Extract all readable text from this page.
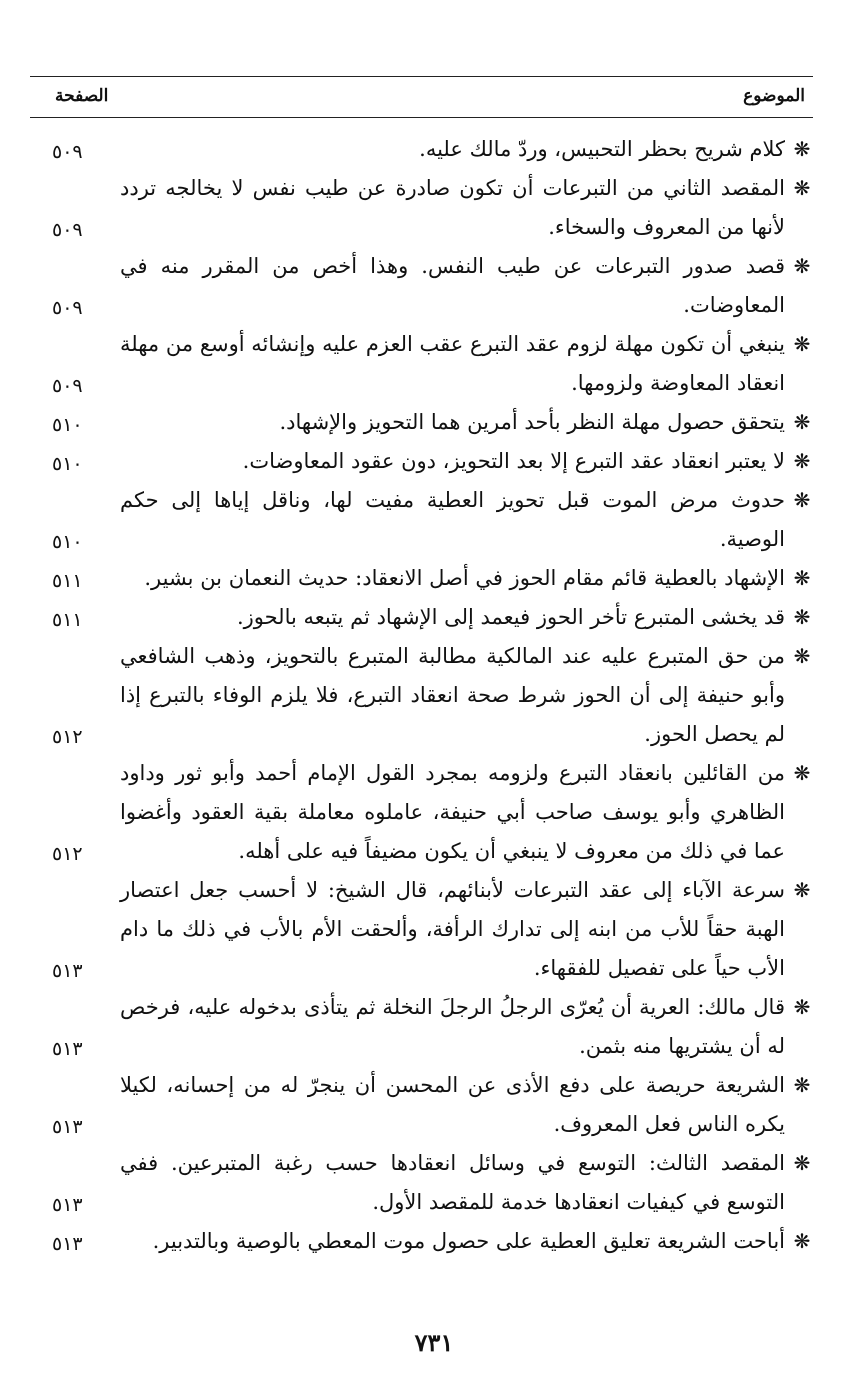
الموضوع
الصفحة
❋كلام شريح بحظر التحبيس، وردّ مالك عليه.
٥٠٩
❋المقصد الثاني من التبرعات أن تكون صادرة عن طيب نفس لا يخالجه تردد لأنها من المعروف والسخاء.
٥٠٩
❋قصد صدور التبرعات عن طيب النفس. وهذا أخص من المقرر منه في المعاوضات.
٥٠٩
❋ينبغي أن تكون مهلة لزوم عقد التبرع عقب العزم عليه وإنشائه أوسع من مهلة انعقاد المعاوضة ولزومها.
٥٠٩
❋يتحقق حصول مهلة النظر بأحد أمرين هما التحويز والإشهاد.
٥١٠
❋لا يعتبر انعقاد عقد التبرع إلا بعد التحويز، دون عقود المعاوضات.
٥١٠
❋حدوث مرض الموت قبل تحويز العطية مفيت لها، وناقل إياها إلى حكم الوصية.
٥١٠
❋الإشهاد بالعطية قائم مقام الحوز في أصل الانعقاد: حديث النعمان بن بشير.
٥١١
❋قد يخشى المتبرع تأخر الحوز فيعمد إلى الإشهاد ثم يتبعه بالحوز.
٥١١
❋من حق المتبرع عليه عند المالكية مطالبة المتبرع بالتحويز، وذهب الشافعي وأبو حنيفة إلى أن الحوز شرط صحة انعقاد التبرع، فلا يلزم الوفاء بالتبرع إذا لم يحصل الحوز.
٥١٢
❋من القائلين بانعقاد التبرع ولزومه بمجرد القول الإمام أحمد وأبو ثور وداود الظاهري وأبو يوسف صاحب أبي حنيفة، عاملوه معاملة بقية العقود وأغضوا عما في ذلك من معروف لا ينبغي أن يكون مضيفاً فيه على أهله.
٥١٢
❋سرعة الآباء إلى عقد التبرعات لأبنائهم، قال الشيخ: لا أحسب جعل اعتصار الهبة حقاً للأب من ابنه إلى تدارك الرأفة، وألحقت الأم بالأب في ذلك ما دام الأب حياً على تفصيل للفقهاء.
٥١٣
❋قال مالك: العرية أن يُعرّى الرجلُ الرجلَ النخلة ثم يتأذى بدخوله عليه، فرخص له أن يشتريها منه بثمن.
٥١٣
❋الشريعة حريصة على دفع الأذى عن المحسن أن ينجرّ له من إحسانه، لكيلا يكره الناس فعل المعروف.
٥١٣
❋المقصد الثالث: التوسع في وسائل انعقادها حسب رغبة المتبرعين. ففي التوسع في كيفيات انعقادها خدمة للمقصد الأول.
٥١٣
❋أباحت الشريعة تعليق العطية على حصول موت المعطي بالوصية وبالتدبير.
٥١٣
٧٣١
